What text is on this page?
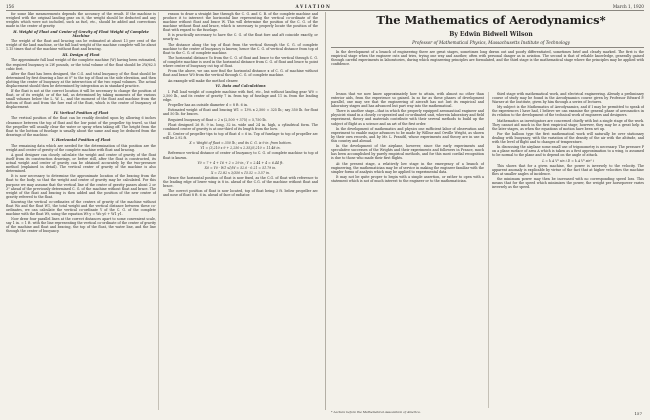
156	AVIATION	March 1, 1920

for some like measurements depends the accuracy of the result. If the machine is weighed with the original landing gear on it, the weight should be deducted and any weights which were not included, such as fuel, etc., should be added and corrections made in the center of gravity.

H. Weight of Float and Center of Gravity of Float Weight of Complete Machine

The weight of the float and bracing can be estimated at about 13 per cent of the weight of the land machine, or the full load weight of the machine complete will be about 1.15 times that of the machine without float and bracing.

III. Design of Float

The approximate full load weight of the complete machine (W) having been estimated, the required buoyancy is 2W pounds, or the total volume of the float should be 2W/62.5 cubic feet.

After the float has been designed, the C.G. and total buoyancy of the float should be determined by first drawing a line at 0° to the top of float on the side elevation, and then plotting the center of buoyancy at the intersection of the two equal volumes. The actual displacement should then be determined by integration as in standard practice.

If the float is not at the correct location it will be necessary to change the position of float, or of its weight, or of the tail, as determined by taking moments of the various small volumes below the L. W. L., and the moment of the float and machine from the bottom of float and from the fore end of the float, which is the center of buoyancy of displacement.

IV. Vertical Position of Float

The vertical position of the float can be readily decided upon by allowing 6 inches clearance between the top of float and the low point of the propeller tip travel, so that the propeller will usually clear the water or spray when taking off. The height from the float to the bottom of fuselage is usually about the same and may be deduced from the drawings of the machine.

V. Horizontal Position of Float

The remaining data which are needed for the determination of this position are the weight and center of gravity of the complete machine with float and bracing.

A good designer can closely calculate the weight and center of gravity of the float itself from its construction drawings, or better still, after the float is constructed, its actual weight and center of gravity can be obtained accurately by the two-pressure method (explained in detail). The vertical center of gravity of the machine is also determined.

It is now necessary to determine the approximate location of the bracing from the float to the body, so that the weight and center of gravity may be calculated. For this purpose we may assume that the vertical line of the center of gravity passes about 2 or 3" ahead of the previously determined C. G. of the machine without float and brace. The weight of the float and bracing is then added and the position of the new center of gravity referred to the float.

Knowing the vertical co-ordinates of the centers of gravity of the machine without float Wo and the float W1, the total weight and the vertical distance between these co-ordinates, we can calculate the vertical co-ordinate Y of the C. G. of the complete machine with the float Wt, using the equation Wt y = Wo y0 + W1 y1.

Now draw four parallel lines at the correct distances apart to some convenient scale, say 1 in. = 1 ft. with the line representing the vertical co-ordinate of the center of gravity of the machine and float and bracing, the top of the float, the water line, and the line through the center of buoyancy.

reason to draw a straight line through the C. G. and C. B. of the complete machine and produce it to intersect the horizontal line representing the vertical co-ordinate of the machine without float and brace W. This will determine the position of the C. G. of the machine without float and brace, which is necessary to properly locate the position of the float with regard to the fuselage.

It is practically necessary to have the C. G. of the float fore and aft coincide exactly, or nearly so.

The distance along the top of float from the vertical through the C. G. of complete machine to the center of buoyancy is known; hence the C. G. of vertical distance from top of float to the C. G. of complete machine.

The horizontal distance Yo from the C. G. of float and brace to the vertical through C. G. of complete machine is used in the horizontal distance from C. G. of float and brace to point where center of buoyancy cut top of float.

From the above, we can now find the horizontal distance x of C. G. of machine without float and brace W0 from the vertical through C. G. of complete machine.

An example will make the method clearer.

VI. Data and Calculations

I. Full load weight of complete machine with fuel, etc., but without landing gear W0 = 2,500 lb., and its center of gravity 7 in. from top of fuselage and 11 in. from the leading edge.

Propeller has an outside diameter d = 8 ft. 6 in.

Estimated weight of float and bracing W1 = 13% x 2,500 = 325 lb.; say 350 lb. for float and 50 lb. for braces.

Required buoyancy of float = 2 x (2,500 + 375) = 5,750 lb.

Float designed 26 ft. 9 in. long, 32 in. wide and 24 in. high, a cylindrical form. The combined center of gravity is at one-third of its length from the bow.

II. Center of propeller tips to top of float d = 6 in. Top of fuselage to top of propeller arc will be 2.92 ft.

X = Weight of float = 350 lb.; and its C. G. is 9 in. from bottom.
Y1 = (3,210 x 9 + 2,250 x 2.35)/3,210 = 11.48 in.

Reference vertical distance of center of buoyancy to C. G. of complete machine to top of float is known.

Y0 = 7 + 4 + 16 + 2 = 29 in.; Y = 2.44 + 4 = 6.44 ft.
X0 = Y0 - W1 x1/W = 52.0 - 0.21 = 51.79 in.
X = 12.82 x 3/350 x 15.52 = 3.57 in.

Hence the horizontal position of float is now fixed, as the C.G. of float with reference to the leading edge of lower wing is 8 in. ahead of the C.G. of the machine without float and brace.

The correct position of float is now located, top of float being 3 ft. below propeller arc and nose of float 8 ft. 6 in. ahead of face of radiator.

The Mathematics of Aerodynamics*
By Edwin Bidwell Wilson
Professor of Mathematical Physics, Massachusetts Institute of Technology

In the development of a branch of engineering there are great stages, sometimes long drawn out and poorly differentiated, sometimes brief and clearly marked. The first is the empirical stage when the engineer cuts and tries, trying one way and another, often with personal danger as in aviation. The second is that of reliable knowledge, generally gained through careful experiments in laboratories, during which engineering principles are formulated, and the third stage is the mathematical stage where the principles may be applied with confidence.

lesson that we now know approximately how to attain, with almost no other than exterior aids, from the experience so gained. In so far as these phases of development parallel, one may see that the engineering of aircraft has not lost its empirical and laboratory stages and has advanced but part way into the mathematical.

There is another stage—that in which the properly equipped aeronautical engineer and physicist stand in a closely co-operated and co-ordinated unit, wherein laboratory and field experiment, theory and materials contribute with their several methods to build up the subject of flight as a science and an art of the first order.

In the development of mathematics and physics one sufficient labor of observation and experiment to enable major advances to be made by Wilbur and Orville Wright, as shown by their own records, and by Mr. L. Prandtl, whose experiments and theory are in use in this country and abroad.

In the development of the airplane, however, since the early experiments and speculative successes of the Wrights and their experiments and followers in France, much has been accomplished by purely empirical methods, and for this most cordial recognition is due to those who made their first flights.

At the present stage, a relatively low stage in the emergency of a branch of engineering, the mathematician may be of service in making the engineer familiar with the simpler forms of analysis which may be applied to experimental data.

It may not be quite proper to begin with a simple assertion, or rather to open with a statement which is not of much interest to the engineer or to the mathematician.

third stage with mathematical work, and electrical engineering. Already a preliminary course of study may be found in the Aerodynamics course given by Professor Edward P. Warner at the Institute, given by him through a series of lectures.

My subject is the Mathematics of Aerodynamics, and if I may be permitted to speak of the experiences I have had, I believe we can examine the general phase of aeronautics in its relation to the development of the technical work of engineers and designers.

Mathematics as investigators are concerned chiefly with but a single stage of the work. They cannot aid much in the first empirical stage; however, they may be a great help in the later stages, as when the equations of motion have been set up.

For the balloon type the first mathematical work will naturally be over stationary dealing with buoyancy, with the variation of the density of the air with the altitude, and with the level of flight and to changes of temperature.

In discussing the airplane some small use of trigonometry is necessary. The pressure P on a plane surface of area A which is taken as a first approximation to a wing, is assumed to be normal to the plane and to depend on the angle of attack.

L = k A V² sin i D = k A V² sin² i

This shows that for a given machine, the power is inversely to the velocity. The apparent anomaly is explicable by virtue of the fact that at higher velocities the machine flies at smaller angles of incidence.

the minimum power may then be increased with no corresponding speed loss. This means that for the speed which minimizes the power, the weight per horsepower varies inversely as the speed.

* Lecture before the Mathematical Association of America.	157
